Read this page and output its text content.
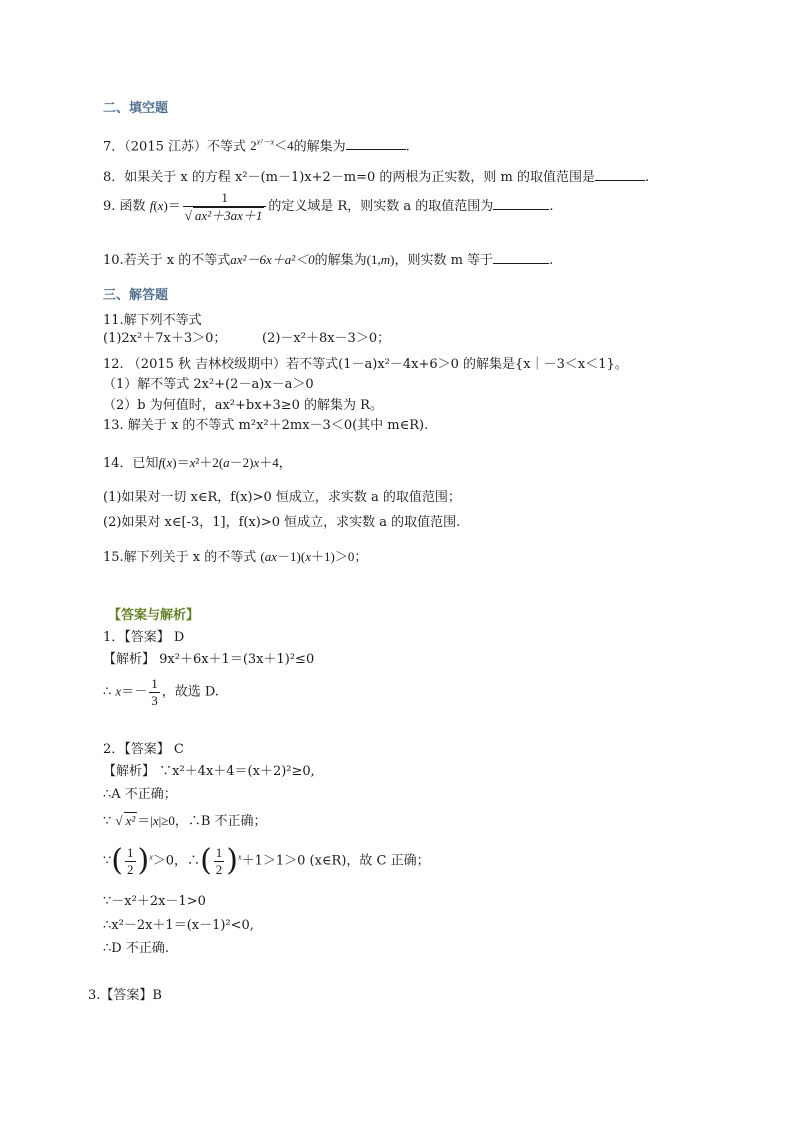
二、填空题
7．（2015 江苏）不等式 $2^{x^2-x}<4$的解集为	.
8．如果关于 x 的方程 x²－(m－1)x+2－m=0 的两根为正实数，则 m 的取值范围是	.
9. 函数 $f(x)= \frac{1}{\text{√ ax²＋3ax＋1}}$ 的定义域是 R，则实数 a 的取值范围为	.
10.若关于 x 的不等式ax²－6x＋a²＜0的解集为(1,m)，则实数 m 等于	.
三、解答题
11.解下列不等式
(1)2x²＋7x＋3＞0；	(2)－x²＋8x－3＞0；
12. （2015 秋 吉林校级期中）若不等式(1－a)x²－4x+6＞0 的解集是{x｜－3＜x＜1}。
（1）解不等式 2x²+(2－a)x－a＞0
（2）b 为何值时，ax²+bx+3≥0 的解集为 R。
13. 解关于 x 的不等式 m²x²＋2mx－3＜0(其中 m∈R).
14．已知f(x)＝x²＋2(a－2)x＋4，
(1)如果对一切 x∈R，f(x)>0 恒成立，求实数 a 的取值范围；
(2)如果对 x∈[-3，1]，f(x)>0 恒成立，求实数 a 的取值范围.
15.解下列关于 x 的不等式 (ax－1)(x＋1)＞0；
【答案与解析】
1．【答案】 D
【解析】 9x²＋6x＋1＝(3x＋1)²≤0
∴ $x=- \frac{1}{3}$ ，故选 D.
2．【答案】 C
【解析】 ∵x²＋4x＋4＝(x＋2)²≥0,
∴A 不正确；
∵ √ x² ＝|x|≥0，∴B 不正确；
∵( $\frac{1}{2} )^x>0$，∴( $\frac{1}{2} )^x+1>1>0$ (x∈R)，故 C 正确；
∵－x²＋2x－1>0
∴x²－2x＋1＝(x－1)²<0,
∴D 不正确.
3.【答案】B
